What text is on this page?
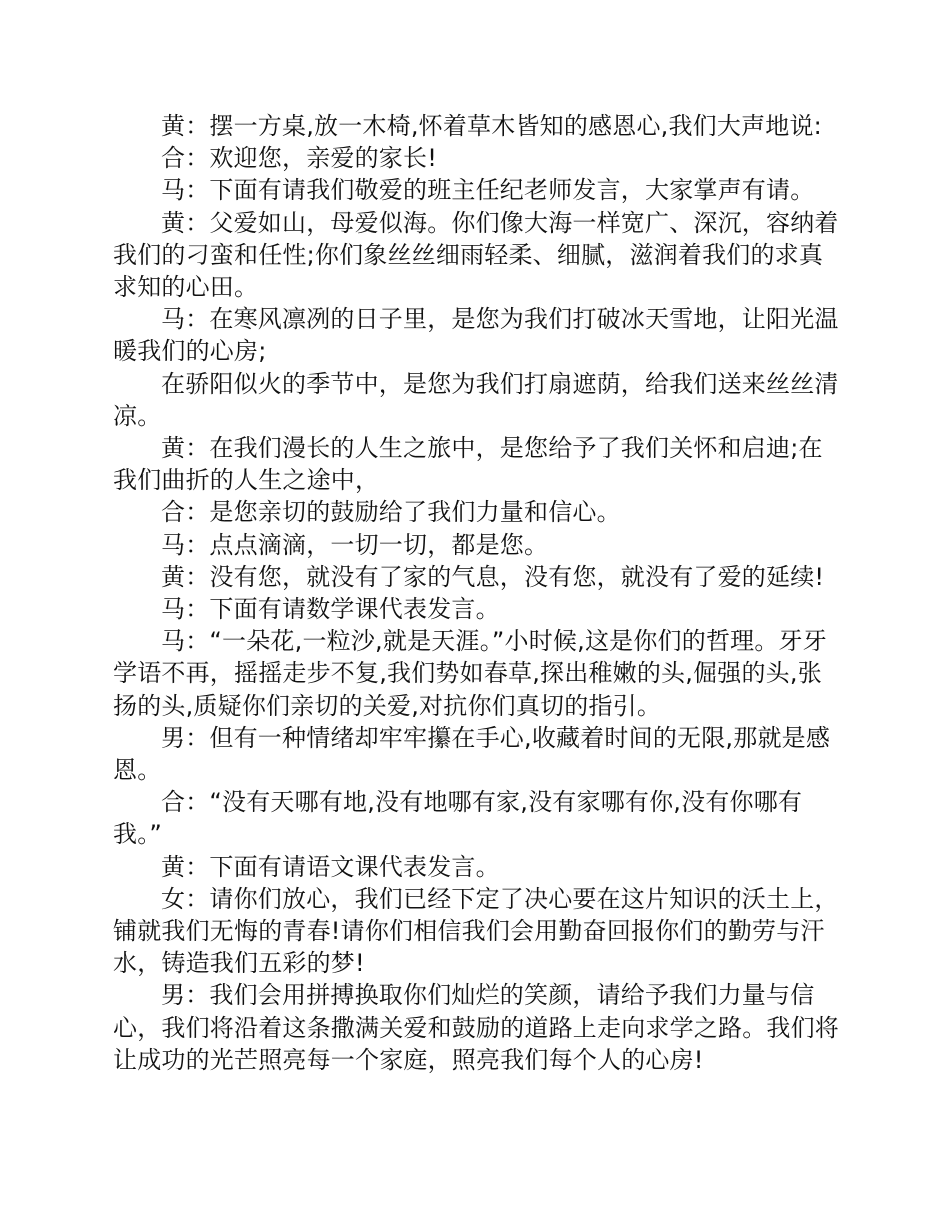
黄：摆一方桌,放一木椅,怀着草木皆知的感恩心,我们大声地说:

合：欢迎您，亲爱的家长!

马：下面有请我们敬爱的班主任纪老师发言，大家掌声有请。

黄：父爱如山，母爱似海。你们像大海一样宽广、深沉，容纳着我们的刁蛮和任性;你们象丝丝细雨轻柔、细腻，滋润着我们的求真求知的心田。

马：在寒风凛冽的日子里，是您为我们打破冰天雪地，让阳光温暖我们的心房;

在骄阳似火的季节中，是您为我们打扇遮荫，给我们送来丝丝清凉。

黄：在我们漫长的人生之旅中，是您给予了我们关怀和启迪;在我们曲折的人生之途中，

合：是您亲切的鼓励给了我们力量和信心。

马：点点滴滴，一切一切，都是您。

黄：没有您，就没有了家的气息，没有您，就没有了爱的延续!

马：下面有请数学课代表发言。

马：“一朵花,一粒沙,就是天涯。”小时候,这是你们的哲理。牙牙学语不再，摇摇走步不复,我们势如春草,探出稚嫩的头,倔强的头,张扬的头,质疑你们亲切的关爱,对抗你们真切的指引。

男：但有一种情绪却牢牢攥在手心,收藏着时间的无限,那就是感恩。

合：“没有天哪有地,没有地哪有家,没有家哪有你,没有你哪有我。”

黄：下面有请语文课代表发言。

女：请你们放心，我们已经下定了决心要在这片知识的沃土上，铺就我们无悔的青春!请你们相信我们会用勤奋回报你们的勤劳与汗水，铸造我们五彩的梦!

男：我们会用拼搏换取你们灿烂的笑颜，请给予我们力量与信心，我们将沿着这条撒满关爱和鼓励的道路上走向求学之路。我们将让成功的光芒照亮每一个家庭，照亮我们每个人的心房!
